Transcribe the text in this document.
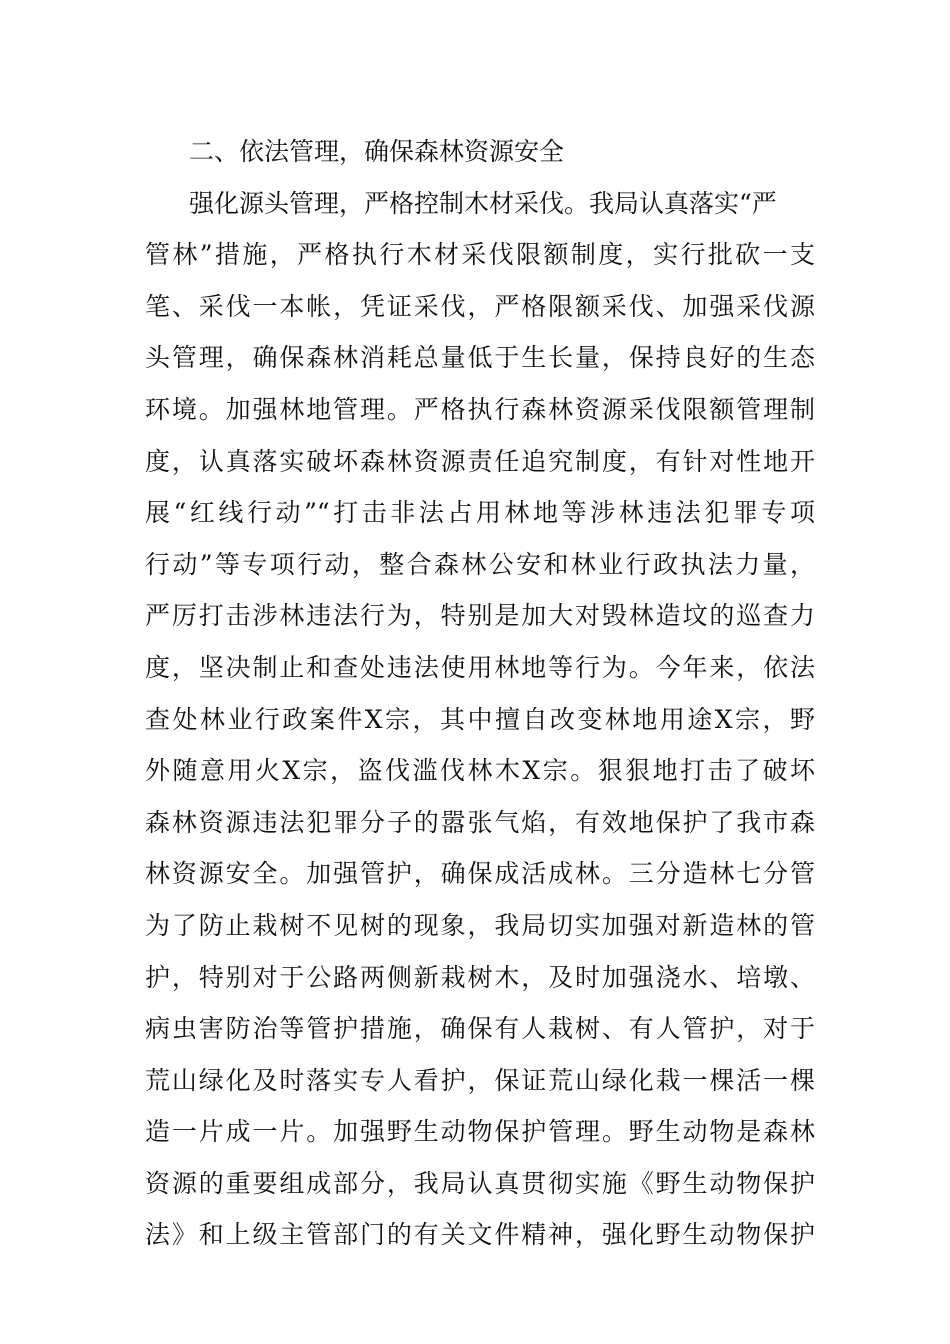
二、依法管理，确保森林资源安全
强化源头管理，严格控制木材采伐。我局认真落实“严
管林”措施，严格执行木材采伐限额制度，实行批砍一支
笔、采伐一本帐，凭证采伐，严格限额采伐、加强采伐源
头管理，确保森林消耗总量低于生长量，保持良好的生态
环境。加强林地管理。严格执行森林资源采伐限额管理制
度，认真落实破坏森林资源责任追究制度，有针对性地开
展“红线行动”“打击非法占用林地等涉林违法犯罪专项
行动”等专项行动，整合森林公安和林业行政执法力量，
严厉打击涉林违法行为，特别是加大对毁林造坟的巡查力
度，坚决制止和查处违法使用林地等行为。今年来，依法
查处林业行政案件X宗，其中擅自改变林地用途X宗，野
外随意用火X宗，盗伐滥伐林木X宗。狠狠地打击了破坏
森林资源违法犯罪分子的嚣张气焰，有效地保护了我市森
林资源安全。加强管护，确保成活成林。三分造林七分管
为了防止栽树不见树的现象，我局切实加强对新造林的管
护，特别对于公路两侧新栽树木，及时加强浇水、培墩、
病虫害防治等管护措施，确保有人栽树、有人管护，对于
荒山绿化及时落实专人看护，保证荒山绿化栽一棵活一棵
造一片成一片。加强野生动物保护管理。野生动物是森林
资源的重要组成部分，我局认真贯彻实施《野生动物保护
法》和上级主管部门的有关文件精神，强化野生动物保护
